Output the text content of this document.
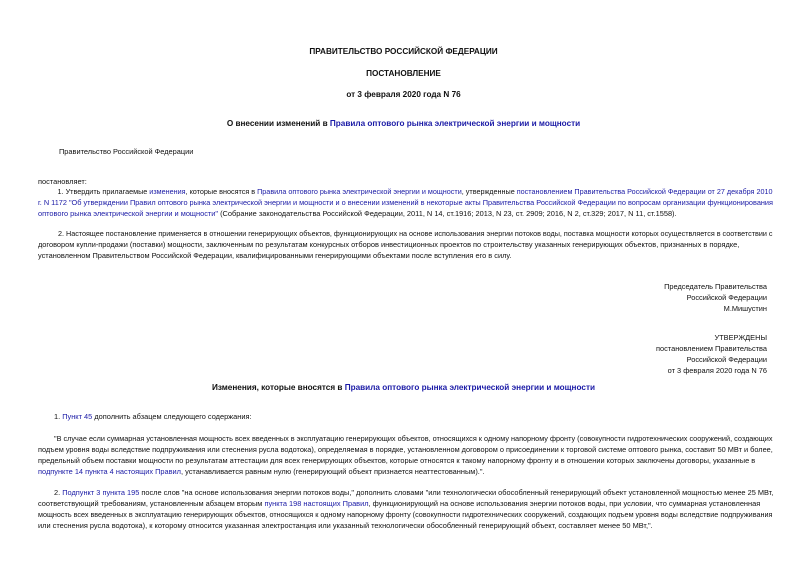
ПРАВИТЕЛЬСТВО РОССИЙСКОЙ ФЕДЕРАЦИИ
ПОСТАНОВЛЕНИЕ
от 3 февраля 2020 года N 76
О внесении изменений в Правила оптового рынка электрической энергии и мощности
Правительство Российской Федерации
постановляет:
1. Утвердить прилагаемые изменения, которые вносятся в Правила оптового рынка электрической энергии и мощности, утвержденные постановлением Правительства Российской Федерации от 27 декабря 2010
г. N 1172 "Об утверждении Правил оптового рынка электрической энергии и мощности и о внесении изменений в некоторые акты Правительства Российской Федерации по вопросам организации функционирования
оптового рынка электрической энергии и мощности" (Собрание законодательства Российской Федерации, 2011, N 14, ст.1916; 2013, N 23, ст. 2909; 2016, N 2, ст.329; 2017, N 11, ст.1558).
2. Настоящее постановление применяется в отношении генерирующих объектов, функционирующих на основе использования энергии потоков воды, поставка мощности которых осуществляется в соответствии с
договором купли-продажи (поставки) мощности, заключенным по результатам конкурсных отборов инвестиционных проектов по строительству указанных генерирующих объектов, признанных в порядке,
установленном Правительством Российской Федерации, квалифицированными генерирующими объектами после вступления его в силу.
Председатель Правительства
Российской Федерации
М.Мишустин
УТВЕРЖДЕНЫ
постановлением Правительства
Российской Федерации
от 3 февраля 2020 года N 76
Изменения, которые вносятся в Правила оптового рынка электрической энергии и мощности
1. Пункт 45 дополнить абзацем следующего содержания:
"В случае если суммарная установленная мощность всех введенных в эксплуатацию генерирующих объектов, относящихся к одному напорному фронту (совокупности гидротехнических сооружений, создающих
подъем уровня воды вследствие подпруживания или стеснения русла водотока), определяемая в порядке, установленном договором о присоединении к торговой системе оптового рынка, составит 50 МВт и более,
предельный объем поставки мощности по результатам аттестации для всех генерирующих объектов, которые относятся к такому напорному фронту и в отношении которых заключены договоры, указанные в
подпункте 14 пункта 4 настоящих Правил, устанавливается равным нулю (генерирующий объект признается неаттестованным).".
2. Подпункт 3 пункта 195 после слов "на основе использования энергии потоков воды," дополнить словами "или технологически обособленный генерирующий объект установленной мощностью менее 25 МВт,
соответствующий требованиям, установленным абзацем вторым пункта 198 настоящих Правил, функционирующий на основе использования энергии потоков воды, при условии, что суммарная установленная
мощность всех введенных в эксплуатацию генерирующих объектов, относящихся к одному напорному фронту (совокупности гидротехнических сооружений, создающих подъем уровня воды вследствие подпруживания
или стеснения русла водотока), к которому относится указанная электростанция или указанный технологически обособленный генерирующий объект, составляет менее 50 МВт,".
